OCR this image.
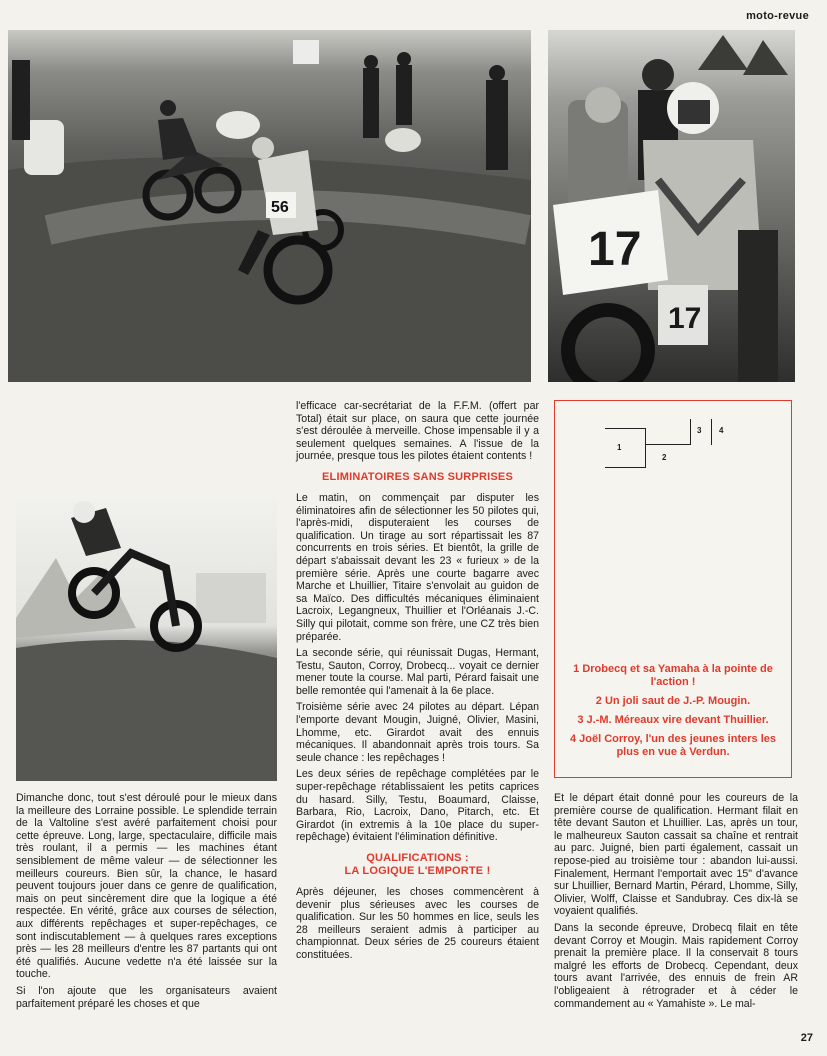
moto-revue
56
17
17
1
2
3 4
1 Drobecq et sa Yamaha à la pointe de l'action !
2 Un joli saut de J.-P. Mougin.
3 J.-M. Méreaux vire devant Thuillier.
4 Joël Corroy, l'un des jeunes inters les plus en vue à Verdun.

Dimanche donc, tout s'est déroulé pour le mieux dans la meilleure des Lorraine possible. Le splendide terrain de la Valtoline s'est avéré parfaitement choisi pour cette épreuve. Long, large, spectaculaire, difficile mais très roulant, il a permis — les machines étant sensiblement de même valeur — de sélectionner les meilleurs coureurs. Bien sûr, la chance, le hasard peuvent toujours jouer dans ce genre de qualification, mais on peut sincèrement dire que la logique a été respectée. En vérité, grâce aux courses de sélection, aux différents repêchages et super-repêchages, ce sont indiscutablement — à quelques rares exceptions près — les 28 meilleurs d'entre les 87 partants qui ont été qualifiés. Aucune vedette n'a été laissée sur la touche.

Si l'on ajoute que les organisateurs avaient parfaitement préparé les choses et que

l'efficace car-secrétariat de la F.F.M. (offert par Total) était sur place, on saura que cette journée s'est déroulée à merveille. Chose impensable il y a seulement quelques semaines. A l'issue de la journée, presque tous les pilotes étaient contents !

ELIMINATOIRES SANS SURPRISES

Le matin, on commençait par disputer les éliminatoires afin de sélectionner les 50 pilotes qui, l'après-midi, disputeraient les courses de qualification. Un tirage au sort répartissait les 87 concurrents en trois séries. Et bientôt, la grille de départ s'abaissait devant les 23 « furieux » de la première série. Après une courte bagarre avec Marche et Lhuillier, Titaire s'envolait au guidon de sa Maïco. Des difficultés mécaniques éliminaient Lacroix, Legangneux, Thuillier et l'Orléanais J.-C. Silly qui pilotait, comme son frère, une CZ très bien préparée.

La seconde série, qui réunissait Dugas, Hermant, Testu, Sauton, Corroy, Drobecq... voyait ce dernier mener toute la course. Mal parti, Pérard faisait une belle remontée qui l'amenait à la 6e place.

Troisième série avec 24 pilotes au départ. Lépan l'emporte devant Mougin, Juigné, Olivier, Masini, Lhomme, etc. Girardot avait des ennuis mécaniques. Il abandonnait après trois tours. Sa seule chance : les repêchages !

Les deux séries de repêchage complétées par le super-repêchage rétablissaient les petits caprices du hasard. Silly, Testu, Boaumard, Claisse, Barbara, Rio, Lacroix, Dano, Pitarch, etc. Et Girardot (in extremis à la 10e place du super-repêchage) évitaient l'élimination définitive.

QUALIFICATIONS :
LA LOGIQUE L'EMPORTE !

Après déjeuner, les choses commencèrent à devenir plus sérieuses avec les courses de qualification. Sur les 50 hommes en lice, seuls les 28 meilleurs seraient admis à participer au championnat. Deux séries de 25 coureurs étaient constituées.

Et le départ était donné pour les coureurs de la première course de qualification. Hermant filait en tête devant Sauton et Lhuillier. Las, après un tour, le malheureux Sauton cassait sa chaîne et rentrait au parc. Juigné, bien parti également, cassait un repose-pied au troisième tour : abandon lui-aussi. Finalement, Hermant l'emportait avec 15" d'avance sur Lhuillier, Bernard Martin, Pérard, Lhomme, Silly, Olivier, Wolff, Claisse et Sandubray. Ces dix-là se voyaient qualifiés.

Dans la seconde épreuve, Drobecq filait en tête devant Corroy et Mougin. Mais rapidement Corroy prenait la première place. Il la conservait 8 tours malgré les efforts de Drobecq. Cependant, deux tours avant l'arrivée, des ennuis de frein AR l'obligeaient à rétrograder et à céder le commandement au « Yamahiste ». Le mal-

27
